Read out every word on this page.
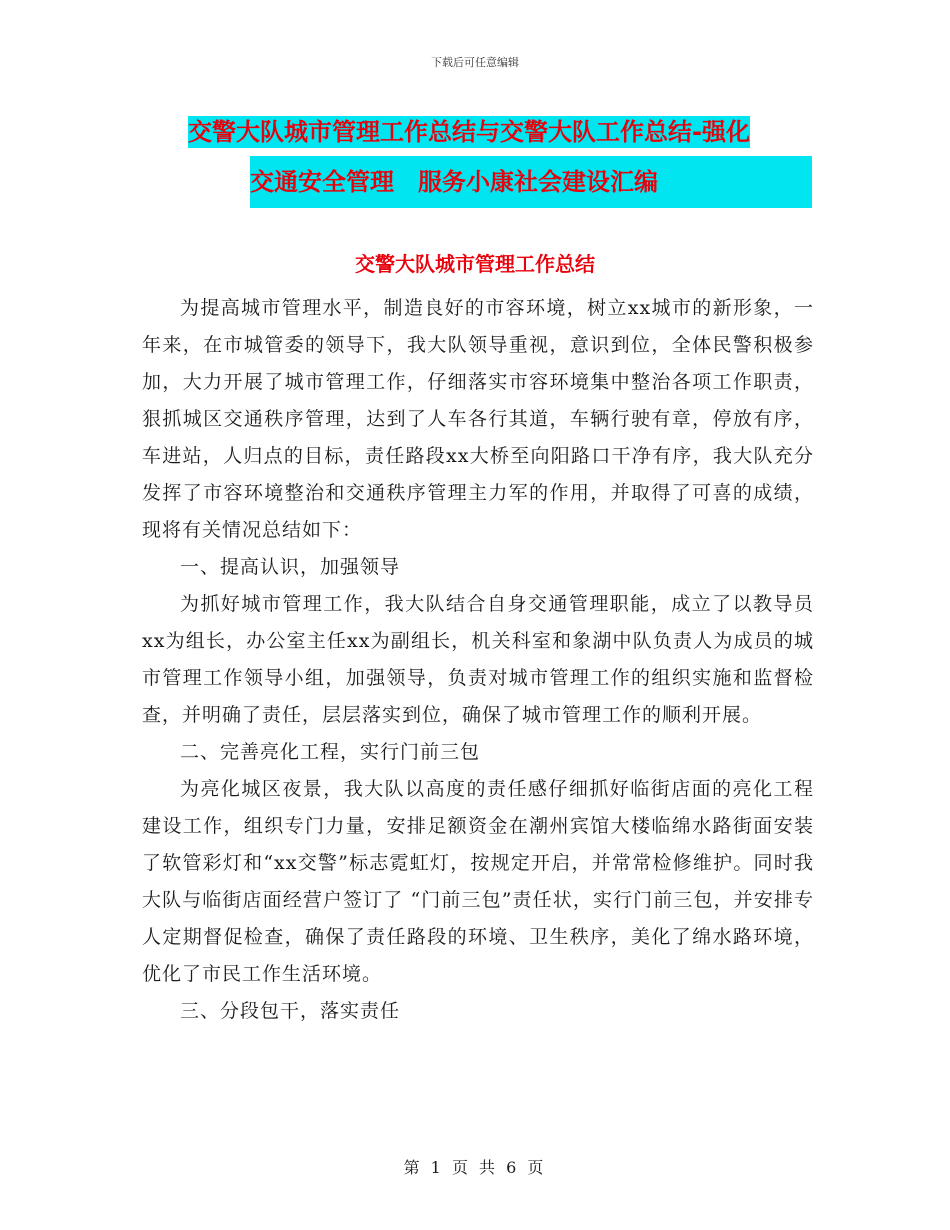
下载后可任意编辑
交警大队城市管理工作总结与交警大队工作总结-强化
交通安全管理　服务小康社会建设汇编
交警大队城市管理工作总结

为提高城市管理水平，制造良好的市容环境，树立xx城市的新形象，一年来，在市城管委的领导下，我大队领导重视，意识到位，全体民警积极参加，大力开展了城市管理工作，仔细落实市容环境集中整治各项工作职责，狠抓城区交通秩序管理，达到了人车各行其道，车辆行驶有章，停放有序，车进站，人归点的目标，责任路段xx大桥至向阳路口干净有序，我大队充分发挥了市容环境整治和交通秩序管理主力军的作用，并取得了可喜的成绩，现将有关情况总结如下：

一、提高认识，加强领导

为抓好城市管理工作，我大队结合自身交通管理职能，成立了以教导员xx为组长，办公室主任xx为副组长，机关科室和象湖中队负责人为成员的城市管理工作领导小组，加强领导，负责对城市管理工作的组织实施和监督检查，并明确了责任，层层落实到位，确保了城市管理工作的顺利开展。

二、完善亮化工程，实行门前三包

为亮化城区夜景，我大队以高度的责任感仔细抓好临街店面的亮化工程建设工作，组织专门力量，安排足额资金在潮州宾馆大楼临绵水路街面安装了软管彩灯和“xx交警”标志霓虹灯，按规定开启，并常常检修维护。同时我大队与临街店面经营户签订了 “门前三包”责任状，实行门前三包，并安排专人定期督促检查，确保了责任路段的环境、卫生秩序，美化了绵水路环境，优化了市民工作生活环境。

三、分段包干，落实责任

第 1 页 共 6 页
